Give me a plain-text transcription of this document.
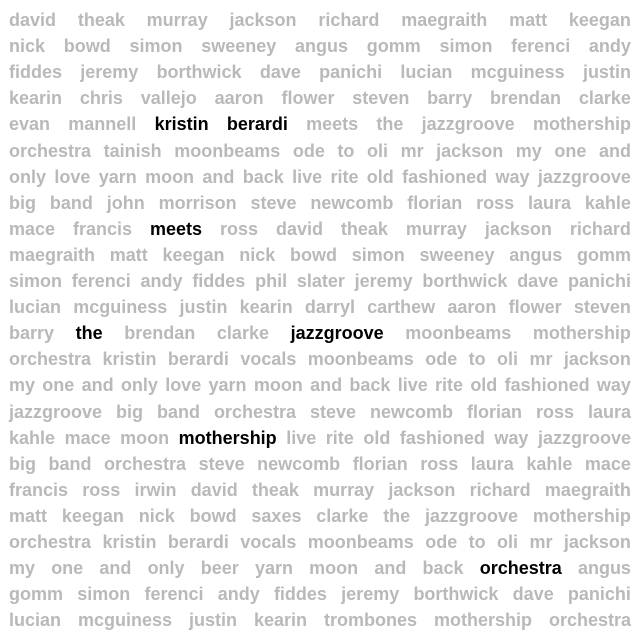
david theak murray jackson richard maegraith matt keegan
nick bowd simon sweeney angus gomm simon ferenci andy
fiddes jeremy borthwick dave panichi lucian mcguiness justin
kearin chris vallejo aaron flower steven barry brendan clarke
evan mannell kristin berardi meets the jazzgroove mothership
orchestra tainish moonbeams ode to oli mr jackson my one and
only love yarn moon and back live rite old fashioned way jazzgroove
big band john morrison steve newcomb florian ross laura kahle
mace francis meets ross david theak murray jackson richard
maegraith matt keegan nick bowd simon sweeney angus gomm
simon ferenci andy fiddes phil slater jeremy borthwick dave panichi
lucian mcguiness justin kearin darryl carthew aaron flower steven
barry the brendan clarke jazzgroove moonbeams mothership
orchestra kristin berardi vocals moonbeams ode to oli mr jackson
my one and only love yarn moon and back live rite old fashioned way
jazzgroove big band orchestra steve newcomb florian ross laura
kahle mace moon mothership live rite old fashioned way jazzgroove
big band orchestra steve newcomb florian ross laura kahle mace
francis ross irwin david theak murray jackson richard maegraith
matt keegan nick bowd saxes clarke the jazzgroove mothership
orchestra kristin berardi vocals moonbeams ode to oli mr jackson
my one and only beer yarn moon and back orchestra angus
gomm simon ferenci andy fiddes jeremy borthwick dave panichi
lucian mcguiness justin kearin trombones mothership orchestra
